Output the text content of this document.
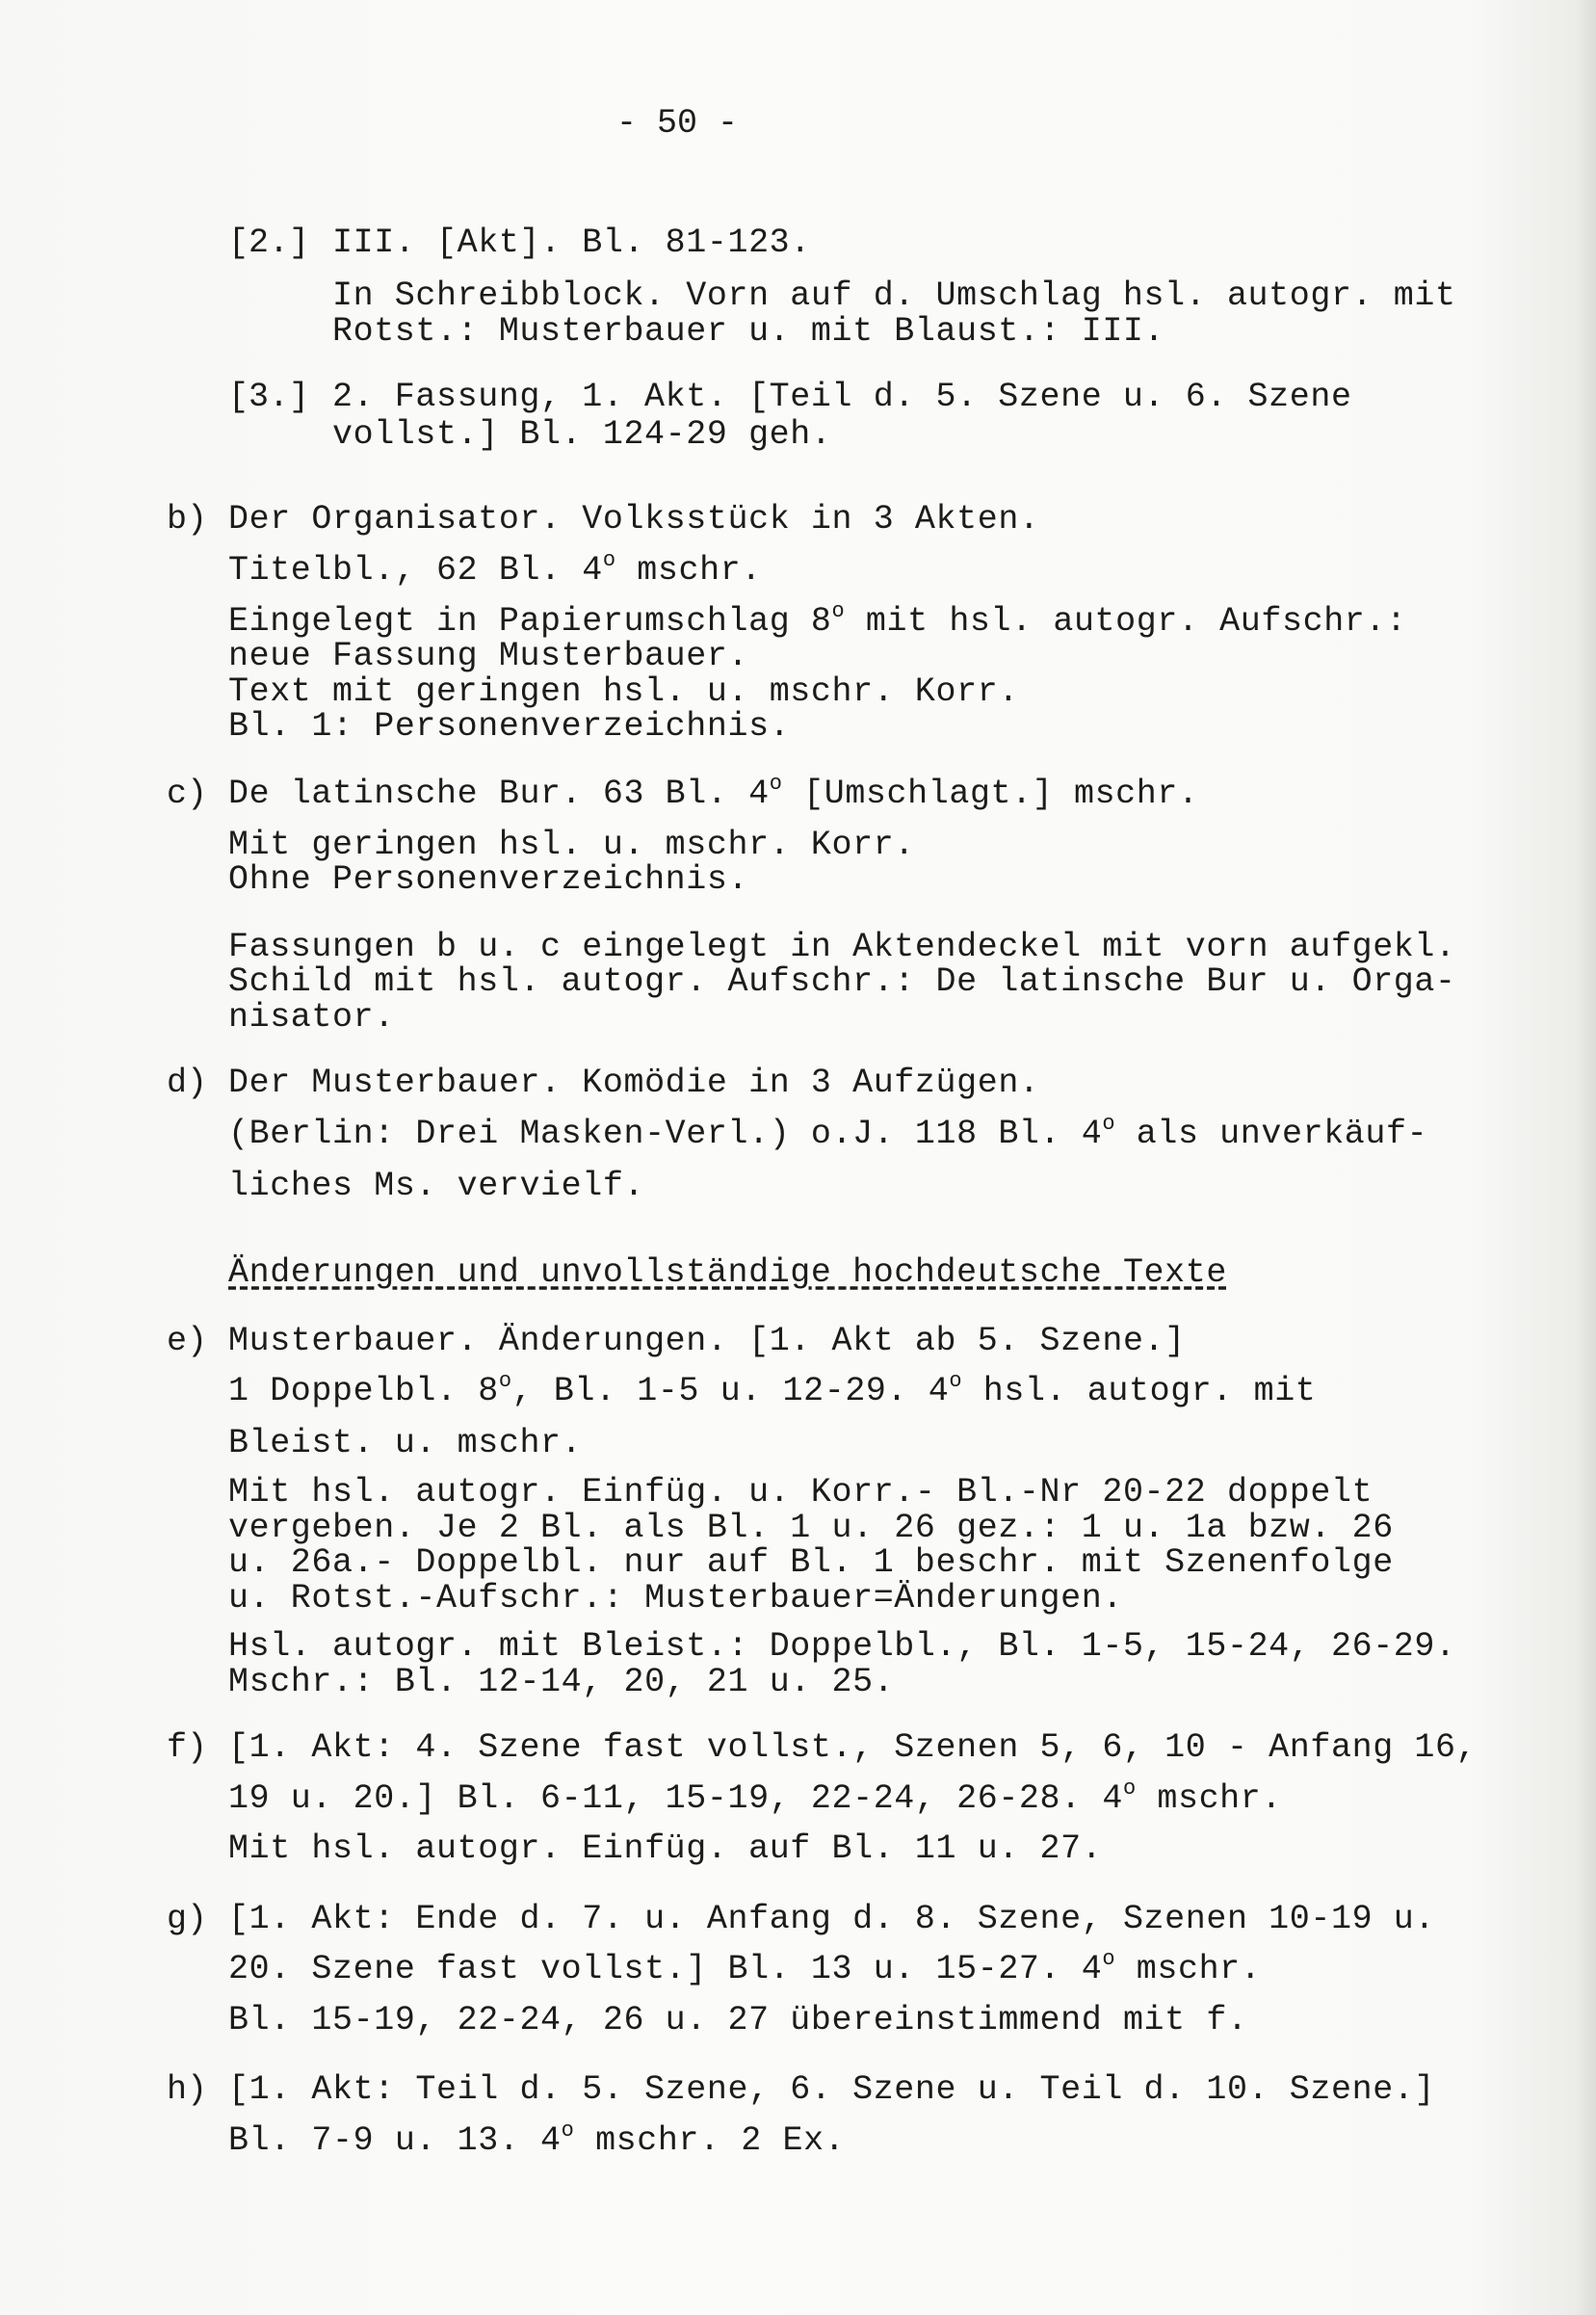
- 50 -
[2.] III. [Akt]. Bl. 81-123.
In Schreibblock. Vorn auf d. Umschlag hsl. autogr. mit
Rotst.: Musterbauer u. mit Blaust.: III.
[3.] 2. Fassung, 1. Akt. [Teil d. 5. Szene u. 6. Szene
vollst.] Bl. 124-29 geh.
b) Der Organisator. Volksstück in 3 Akten.
Titelbl., 62 Bl. 4$^o$ mschr.
Eingelegt in Papierumschlag 8$^o$ mit hsl. autogr. Aufschr.:
neue Fassung Musterbauer.
Text mit geringen hsl. u. mschr. Korr.
Bl. 1: Personenverzeichnis.
c) De latinsche Bur. 63 Bl. 4$^o$ [Umschlagt.] mschr.
Mit geringen hsl. u. mschr. Korr.
Ohne Personenverzeichnis.
Fassungen b u. c eingelegt in Aktendeckel mit vorn aufgekl.
Schild mit hsl. autogr. Aufschr.: De latinsche Bur u. Orga-
nisator.
d) Der Musterbauer. Komödie in 3 Aufzügen.
(Berlin: Drei Masken-Verl.) o.J. 118 Bl. 4$^o$ als unverkäuf-
liches Ms. vervielf.
Änderungen und unvollständige hochdeutsche Texte
e) Musterbauer. Änderungen. [1. Akt ab 5. Szene.]
1 Doppelbl. 8$^o$, Bl. 1-5 u. 12-29. 4$^o$ hsl. autogr. mit
Bleist. u. mschr.
Mit hsl. autogr. Einfüg. u. Korr.- Bl.-Nr 20-22 doppelt
vergeben. Je 2 Bl. als Bl. 1 u. 26 gez.: 1 u. 1a bzw. 26
u. 26a.- Doppelbl. nur auf Bl. 1 beschr. mit Szenenfolge
u. Rotst.-Aufschr.: Musterbauer=Änderungen.
Hsl. autogr. mit Bleist.: Doppelbl., Bl. 1-5, 15-24, 26-29.
Mschr.: Bl. 12-14, 20, 21 u. 25.
f) [1. Akt: 4. Szene fast vollst., Szenen 5, 6, 10 - Anfang 16,
19 u. 20.] Bl. 6-11, 15-19, 22-24, 26-28. 4$^o$ mschr.
Mit hsl. autogr. Einfüg. auf Bl. 11 u. 27.
g) [1. Akt: Ende d. 7. u. Anfang d. 8. Szene, Szenen 10-19 u.
20. Szene fast vollst.] Bl. 13 u. 15-27. 4$^o$ mschr.
Bl. 15-19, 22-24, 26 u. 27 übereinstimmend mit f.
h) [1. Akt: Teil d. 5. Szene, 6. Szene u. Teil d. 10. Szene.]
Bl. 7-9 u. 13. 4$^o$ mschr. 2 Ex.
